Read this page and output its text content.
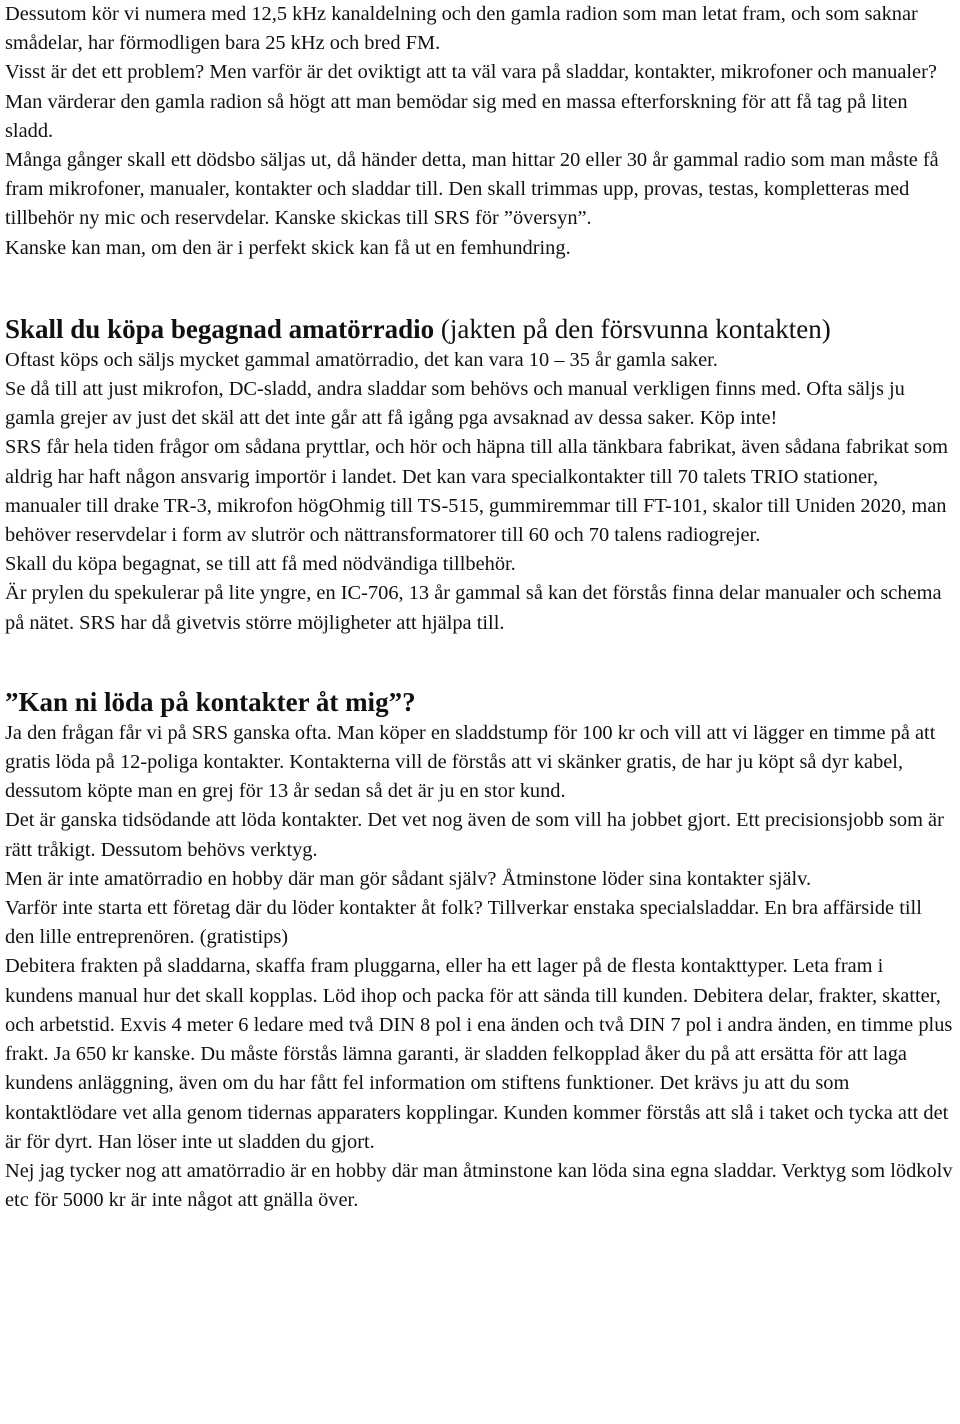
Dessutom kör vi numera med 12,5 kHz kanaldelning och den gamla radion som man letat fram, och som saknar smådelar, har förmodligen bara 25 kHz och bred FM.

Visst är det ett problem? Men varför är det oviktigt att ta väl vara på sladdar, kontakter, mikrofoner och manualer? Man värderar den gamla radion så högt att man bemödar sig med en massa efterforskning för att få tag på liten sladd.

Många gånger skall ett dödsbo säljas ut, då händer detta, man hittar 20 eller 30 år gammal radio som man måste få fram mikrofoner, manualer, kontakter och sladdar till. Den skall trimmas upp, provas, testas, kompletteras med tillbehör ny mic och reservdelar. Kanske skickas till SRS för ”översyn”.

Kanske kan man, om den är i perfekt skick kan få ut en femhundring.

Skall du köpa begagnad amatörradio (jakten på den försvunna kontakten)

Oftast köps och säljs mycket gammal amatörradio, det kan vara 10 – 35 år gamla saker.

Se då till att just mikrofon, DC-sladd, andra sladdar som behövs och manual verkligen finns med. Ofta säljs ju gamla grejer av just det skäl att det inte går att få igång pga avsaknad av dessa saker. Köp inte!

SRS får hela tiden frågor om sådana pryttlar, och hör och häpna till alla tänkbara fabrikat, även sådana fabrikat som aldrig har haft någon ansvarig importör i landet. Det kan vara specialkontakter till 70 talets TRIO stationer, manualer till drake TR-3, mikrofon högOhmig till TS-515, gummiremmar till FT-101, skalor till Uniden 2020, man behöver reservdelar i form av slutrör och nättransformatorer till 60 och 70 talens radiogrejer.

Skall du köpa begagnat, se till att få med nödvändiga tillbehör.

Är prylen du spekulerar på lite yngre, en IC-706, 13 år gammal så kan det förstås finna delar manualer och schema på nätet. SRS har då givetvis större möjligheter att hjälpa till.

”Kan ni löda på kontakter åt mig”?

Ja den frågan får vi på SRS ganska ofta. Man köper en sladdstump för 100 kr och vill att vi lägger en timme på att gratis löda på 12-poliga kontakter. Kontakterna vill de förstås att vi skänker gratis, de har ju köpt så dyr kabel, dessutom köpte man en grej för 13 år sedan så det är ju en stor kund.

Det är ganska tidsödande att löda kontakter. Det vet nog även de som vill ha jobbet gjort. Ett precisionsjobb som är rätt tråkigt. Dessutom behövs verktyg.

Men är inte amatörradio en hobby där man gör sådant själv? Åtminstone löder sina kontakter själv.

Varför inte starta ett företag där du löder kontakter åt folk? Tillverkar enstaka specialsladdar. En bra affärside till den lille entreprenören. (gratistips)

Debitera frakten på sladdarna, skaffa fram pluggarna, eller ha ett lager på de flesta kontakttyper. Leta fram i kundens manual hur det skall kopplas. Löd ihop och packa för att sända till kunden. Debitera delar, frakter, skatter, och arbetstid. Exvis 4 meter 6 ledare med två DIN 8 pol i ena änden och två DIN 7 pol i andra änden, en timme plus frakt. Ja 650 kr kanske. Du måste förstås lämna garanti, är sladden felkopplad åker du på att ersätta för att laga kundens anläggning, även om du har fått fel information om stiftens funktioner. Det krävs ju att du som kontaktlödare vet alla genom tidernas apparaters kopplingar. Kunden kommer förstås att slå i taket och tycka att det är för dyrt. Han löser inte ut sladden du gjort.

Nej jag tycker nog att amatörradio är en hobby där man åtminstone kan löda sina egna sladdar. Verktyg som lödkolv etc för 5000 kr är inte något att gnälla över.
